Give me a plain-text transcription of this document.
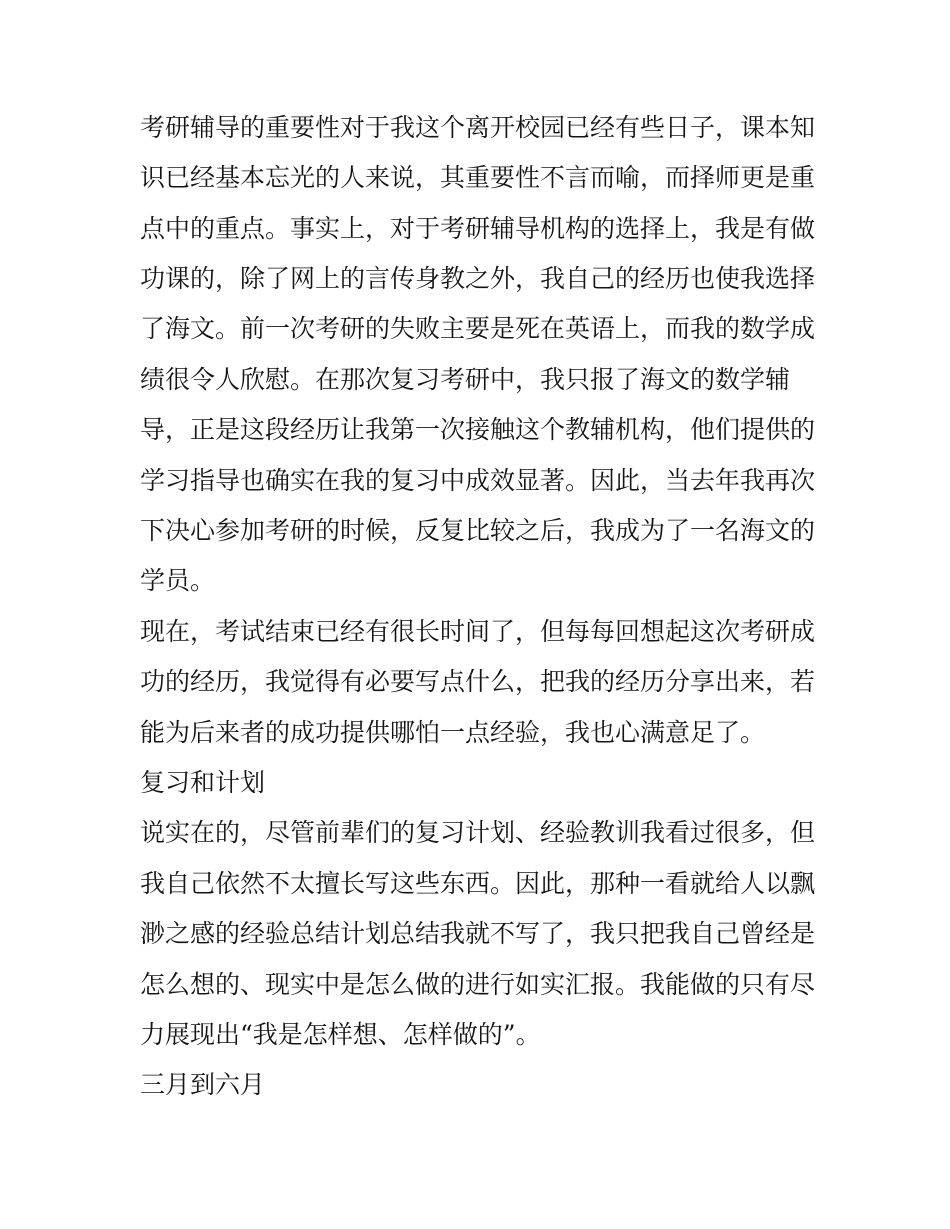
考研辅导的重要性对于我这个离开校园已经有些日子，课本知
识已经基本忘光的人来说，其重要性不言而喻，而择师更是重
点中的重点。事实上，对于考研辅导机构的选择上，我是有做
功课的，除了网上的言传身教之外，我自己的经历也使我选择
了海文。前一次考研的失败主要是死在英语上，而我的数学成
绩很令人欣慰。在那次复习考研中，我只报了海文的数学辅
导，正是这段经历让我第一次接触这个教辅机构，他们提供的
学习指导也确实在我的复习中成效显著。因此，当去年我再次
下决心参加考研的时候，反复比较之后，我成为了一名海文的
学员。
现在，考试结束已经有很长时间了，但每每回想起这次考研成
功的经历，我觉得有必要写点什么，把我的经历分享出来，若
能为后来者的成功提供哪怕一点经验，我也心满意足了。
复习和计划
说实在的，尽管前辈们的复习计划、经验教训我看过很多，但
我自己依然不太擅长写这些东西。因此，那种一看就给人以飘
渺之感的经验总结计划总结我就不写了，我只把我自己曾经是
怎么想的、现实中是怎么做的进行如实汇报。我能做的只有尽
力展现出“我是怎样想、怎样做的”。
三月到六月
